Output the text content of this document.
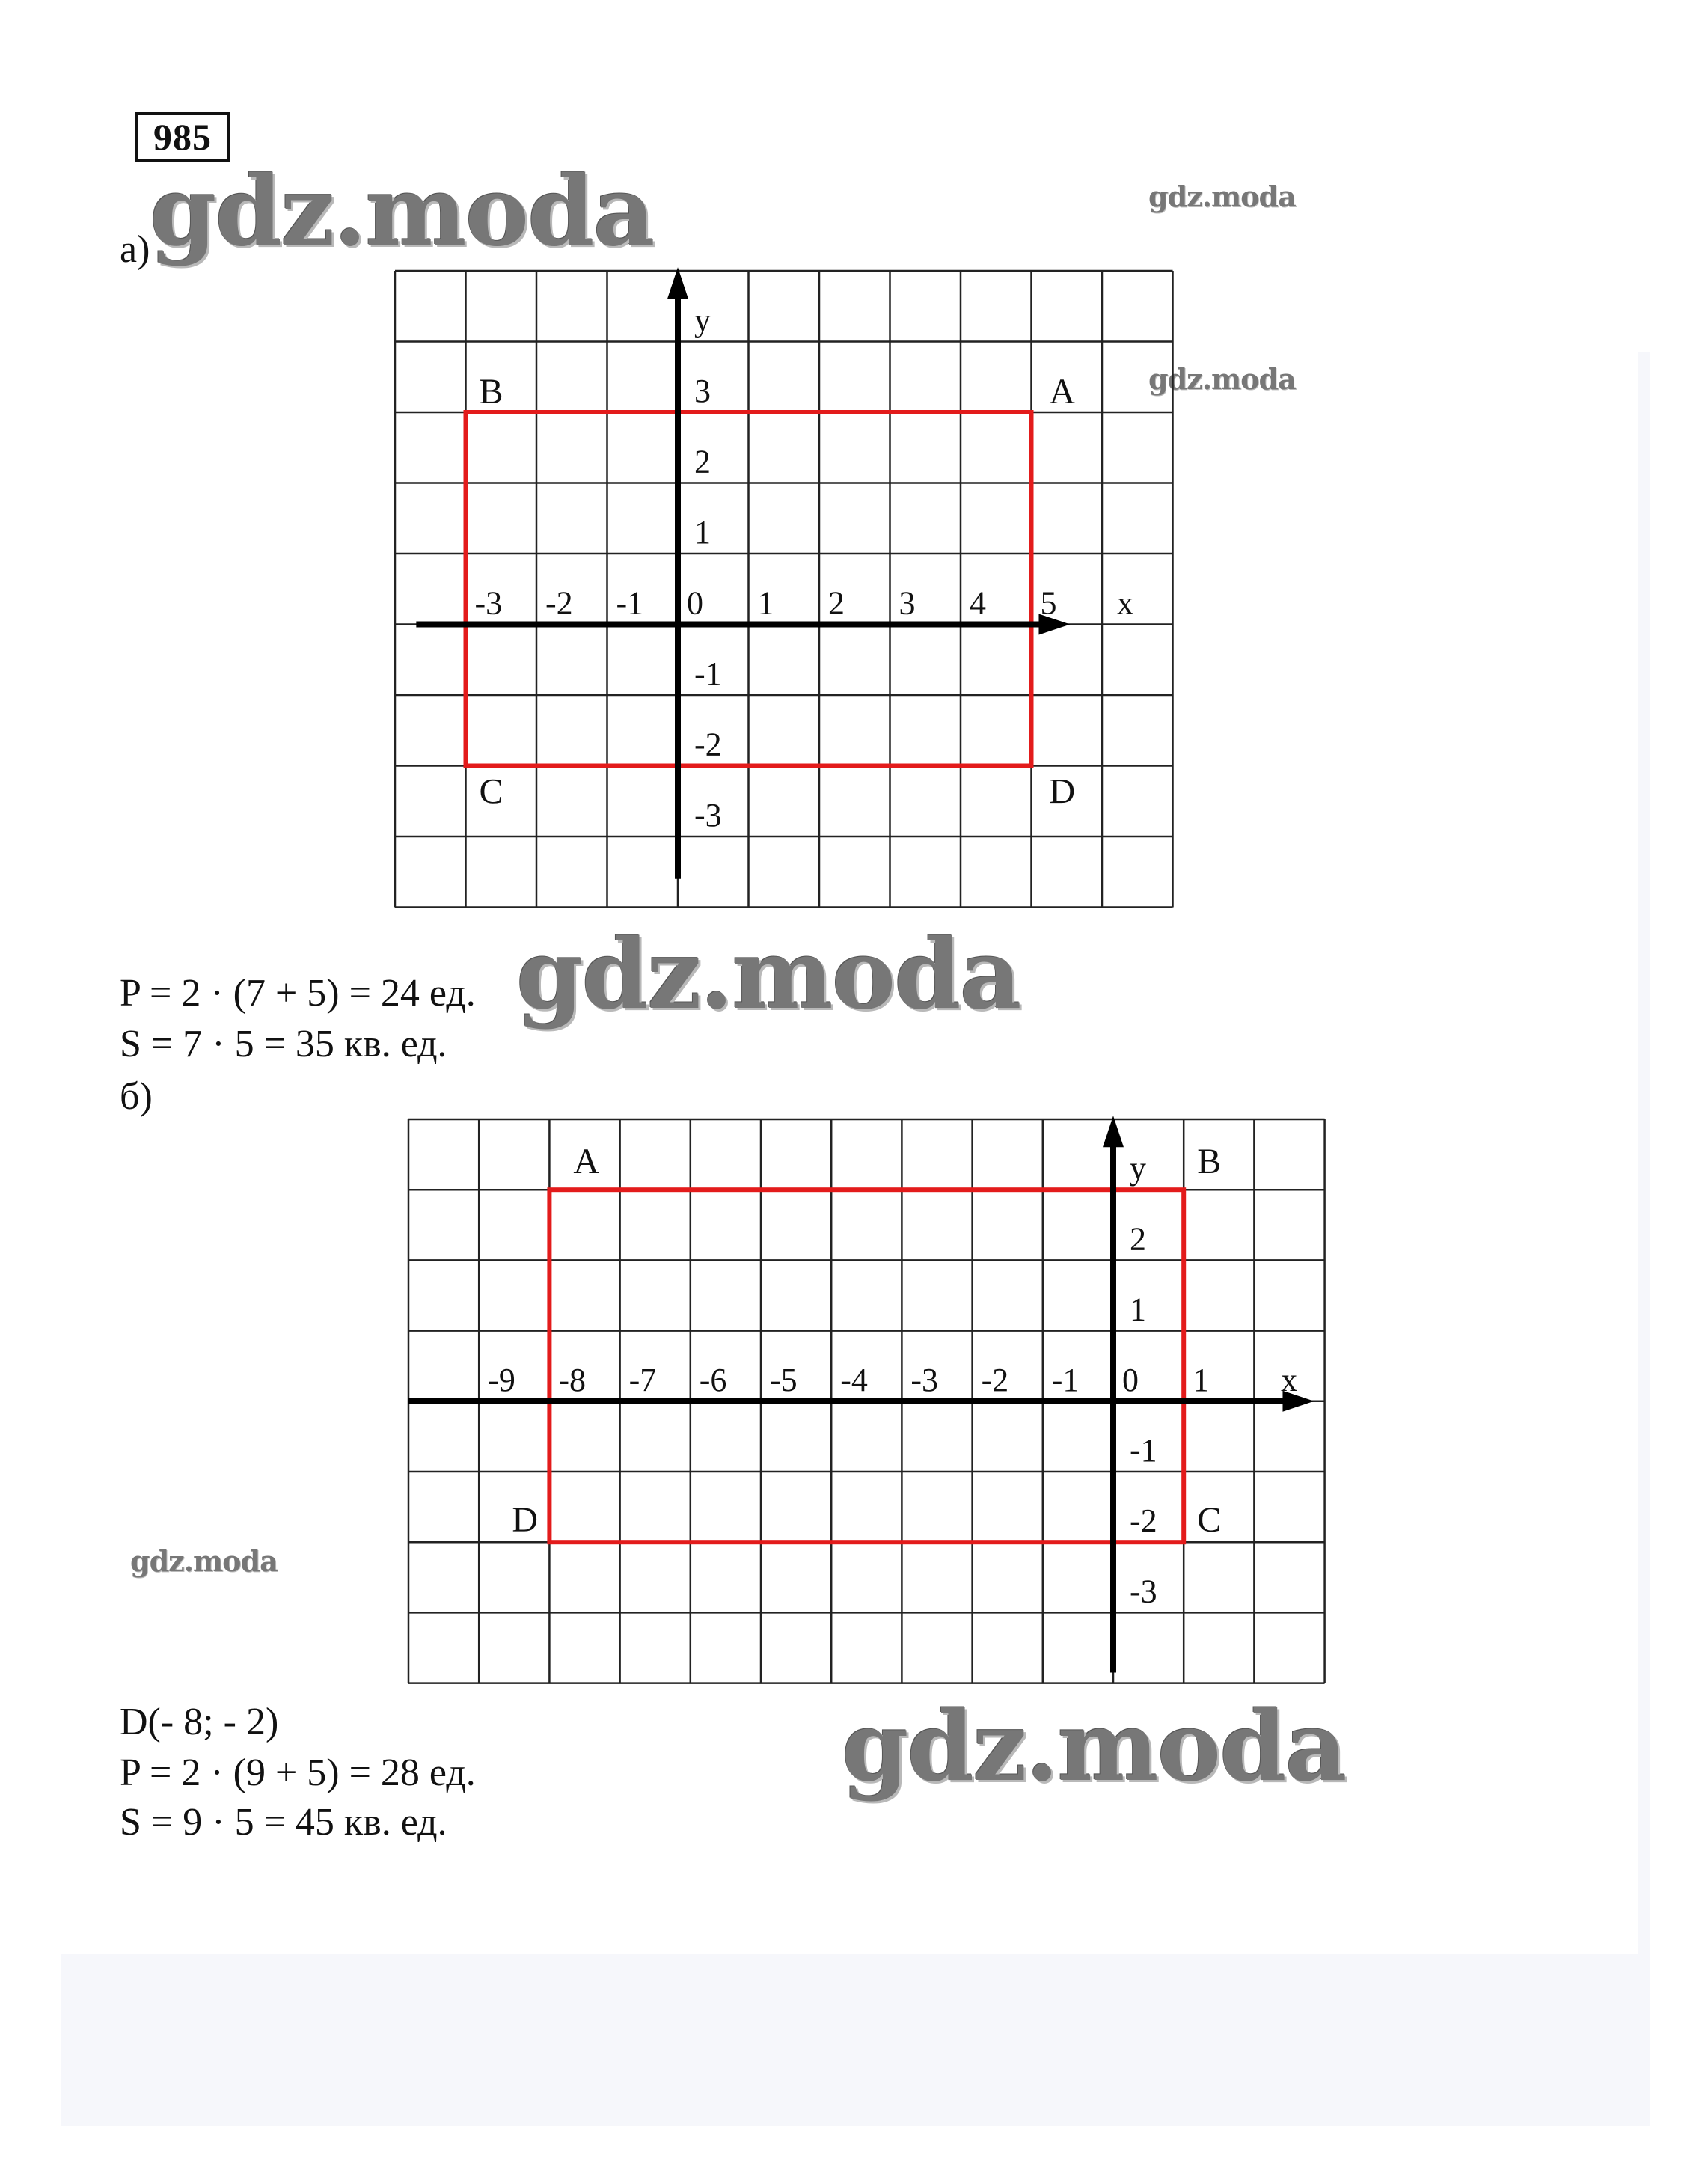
985
gdz.moda	gdz.moda
gdz.moda
а)
-3 -2 -1 0 1 2 3 4 5
3
2
1
-1
-2
-3
x
y
B	A
C	D
P = 2 · (7 + 5) = 24 ед. gdz.moda
S = 7 · 5 = 35 кв. ед.
б)
-9 -8 -7 -6 -5 -4 -3 -2 -1 0 1
2
1
-1
-2
-3
x
y
A	B
D	C
gdz.moda
D(- 8; - 2)
P = 2 · (9 + 5) = 28 ед.	gdz.moda
S = 9 · 5 = 45 кв. ед.
